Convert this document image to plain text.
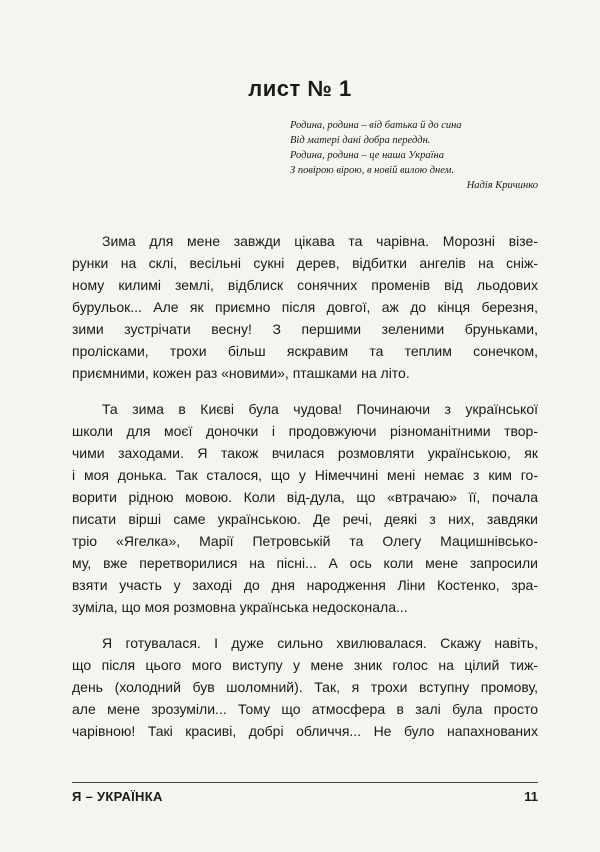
лист № 1
Родина, родина – від батька й до сина
Від матері дані добра переддн.
Родина, родина – це наша Україна
З повірою вірою, в новій вилою днем.
Надія Кричинко
Зима для мене завжди цікава та чарівна. Морозні візе-
рунки на склі, весільні сукні дерев, відбитки ангелів на сніж-
ному килимі землі, відблиск сонячних променів від льодових
бурульок... Але як приємно після довгої, аж до кінця березня,
зими зустрічати весну! З першими зеленими бруньками,
пролісками, трохи більш яскравим та теплим сонечком,
приємними, кожен раз «новими», пташками на літо.
Та зима в Києві була чудова! Починаючи з української
школи для моєї доночки і продовжуючи різноманітними твор-
чими заходами. Я також вчилася розмовляти українською, як
і моя донька. Так сталося, що у Німеччині мені немає з ким го-
ворити рідною мовою. Коли від-дула, що «втрачаю» її, почала
писати вірші саме українською. Де речі, деякі з них, завдяки
тріо «Ягелка», Марії Петровській та Олегу Мацишнівсько-
му, вже перетворилися на пісні... А ось коли мене запросили
взяти участь у заході до дня народження Ліни Костенко, зра-
зуміла, що моя розмовна українська недосконала...
Я готувалася. І дуже сильно хвилювалася. Скажу навіть,
що після цього мого виступу у мене зник голос на цілий тиж-
день (холодний був шоломний). Так, я трохи вступну промову,
але мене зрозуміли... Тому що атмосфера в залі була просто
чарівною! Такі красиві, добрі обличчя... Не було напахнованих
Я – УКРАЇНКА	11
